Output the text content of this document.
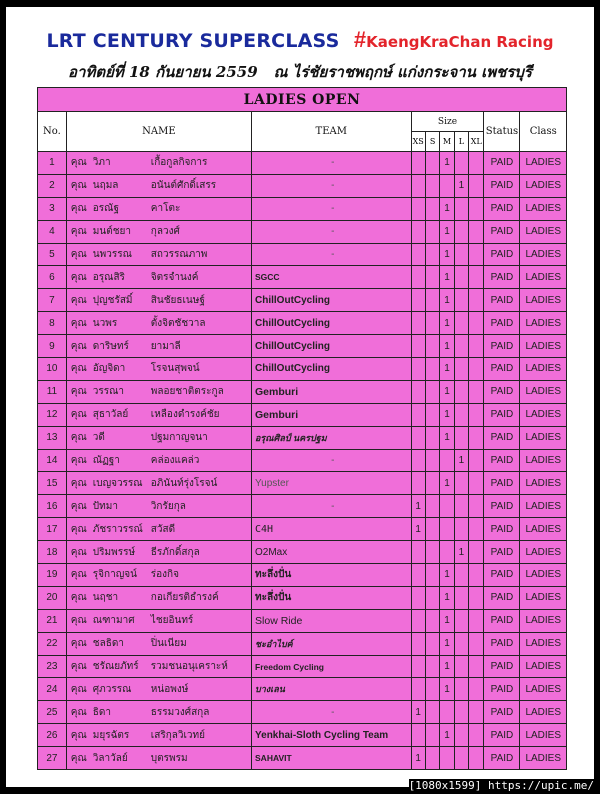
LRT CENTURY SUPERCLASS #KaengKraChan Racing
อาทิตย์ที่ 18 กันยายน 2559 ณ ไร่ชัยราชพฤกษ์ แก่งกระจาน เพชรบุรี
LADIES OPEN									
No.	NAME	TEAM	Size					Status	Class
			XS	S	M	L	XL		
1	คุณ วิภา เกื้อกูลกิจการ	-			1			PAID	LADIES
2	คุณ นฤมล อนันต์ศักดิ์เสรร	-				1		PAID	LADIES
3	คุณ อรณัฐ คาโตะ	-			1			PAID	LADIES
4	คุณ มนต์ชยา กุลวงศ์	-			1			PAID	LADIES
5	คุณ นพวรรณ สถวรรณภาพ	-			1			PAID	LADIES
6	คุณ อรุณสิริ จิตรจำนงค์	SGCC			1			PAID	LADIES
7	คุณ ปุญชรัสมิ์ สินชัยธเนษฐ์	ChillOutCycling			1			PAID	LADIES
8	คุณ นวพร ตั้งจิตชัชวาล	ChillOutCycling			1			PAID	LADIES
9	คุณ ดาริษทร์ ยามาลี	ChillOutCycling			1			PAID	LADIES
10	คุณ อัญจิดา โรจนสุพจน์	ChillOutCycling			1			PAID	LADIES
11	คุณ วรรณา พลอยชาติตระกูล	Gemburi			1			PAID	LADIES
12	คุณ สุธาวัลย์ เหลืองดำรงค์ชัย	Gemburi			1			PAID	LADIES
13	คุณ วดี ปฐมกาญจนา	อรุณศิลป์ นครปฐม			1			PAID	LADIES
14	คุณ ณัฏฐา คล่องแคล่ว	-				1		PAID	LADIES
15	คุณ เบญจวรรณ อภินันท์รุ่งโรจน์	Yupster			1			PAID	LADIES
16	คุณ ปัทมา วิกรัยกุล	-	1					PAID	LADIES
17	คุณ ภัชราวรรณ์ สวัสดี	C4H	1					PAID	LADIES
18	คุณ ปริมพรรษ์ ธีรภักดิ์สกุล	O2Max				1		PAID	LADIES
19	คุณ รุจิกาญจน์ ร่องกิจ	ทะลึ่งปั่น			1			PAID	LADIES
20	คุณ นฤชา กอเกียรติธำรงค์	ทะลึ่งปั่น			1			PAID	LADIES
21	คุณ ณฑามาศ ไชยอินทร์	Slow Ride			1			PAID	LADIES
22	คุณ ชลธิดา ปิ่นเนียม	ชะอำไบค์			1			PAID	LADIES
23	คุณ ชรัณยภัทร์ รวมชนอนุเคราะห์	Freedom Cycling			1			PAID	LADIES
24	คุณ ศุภวรรณ หน่อพงษ์	บางเลน			1			PAID	LADIES
25	คุณ ธิดา ธรรมวงศ์สกุล	-	1					PAID	LADIES
26	คุณ มยุรฉัตร เสริกุลวิเวทย์	Yenkhai-Sloth Cycling Team			1			PAID	LADIES
27	คุณ วิลาวัลย์ บุตรพรม	SAHAVIT	1					PAID	LADIES
[1080x1599] https://upic.me/
